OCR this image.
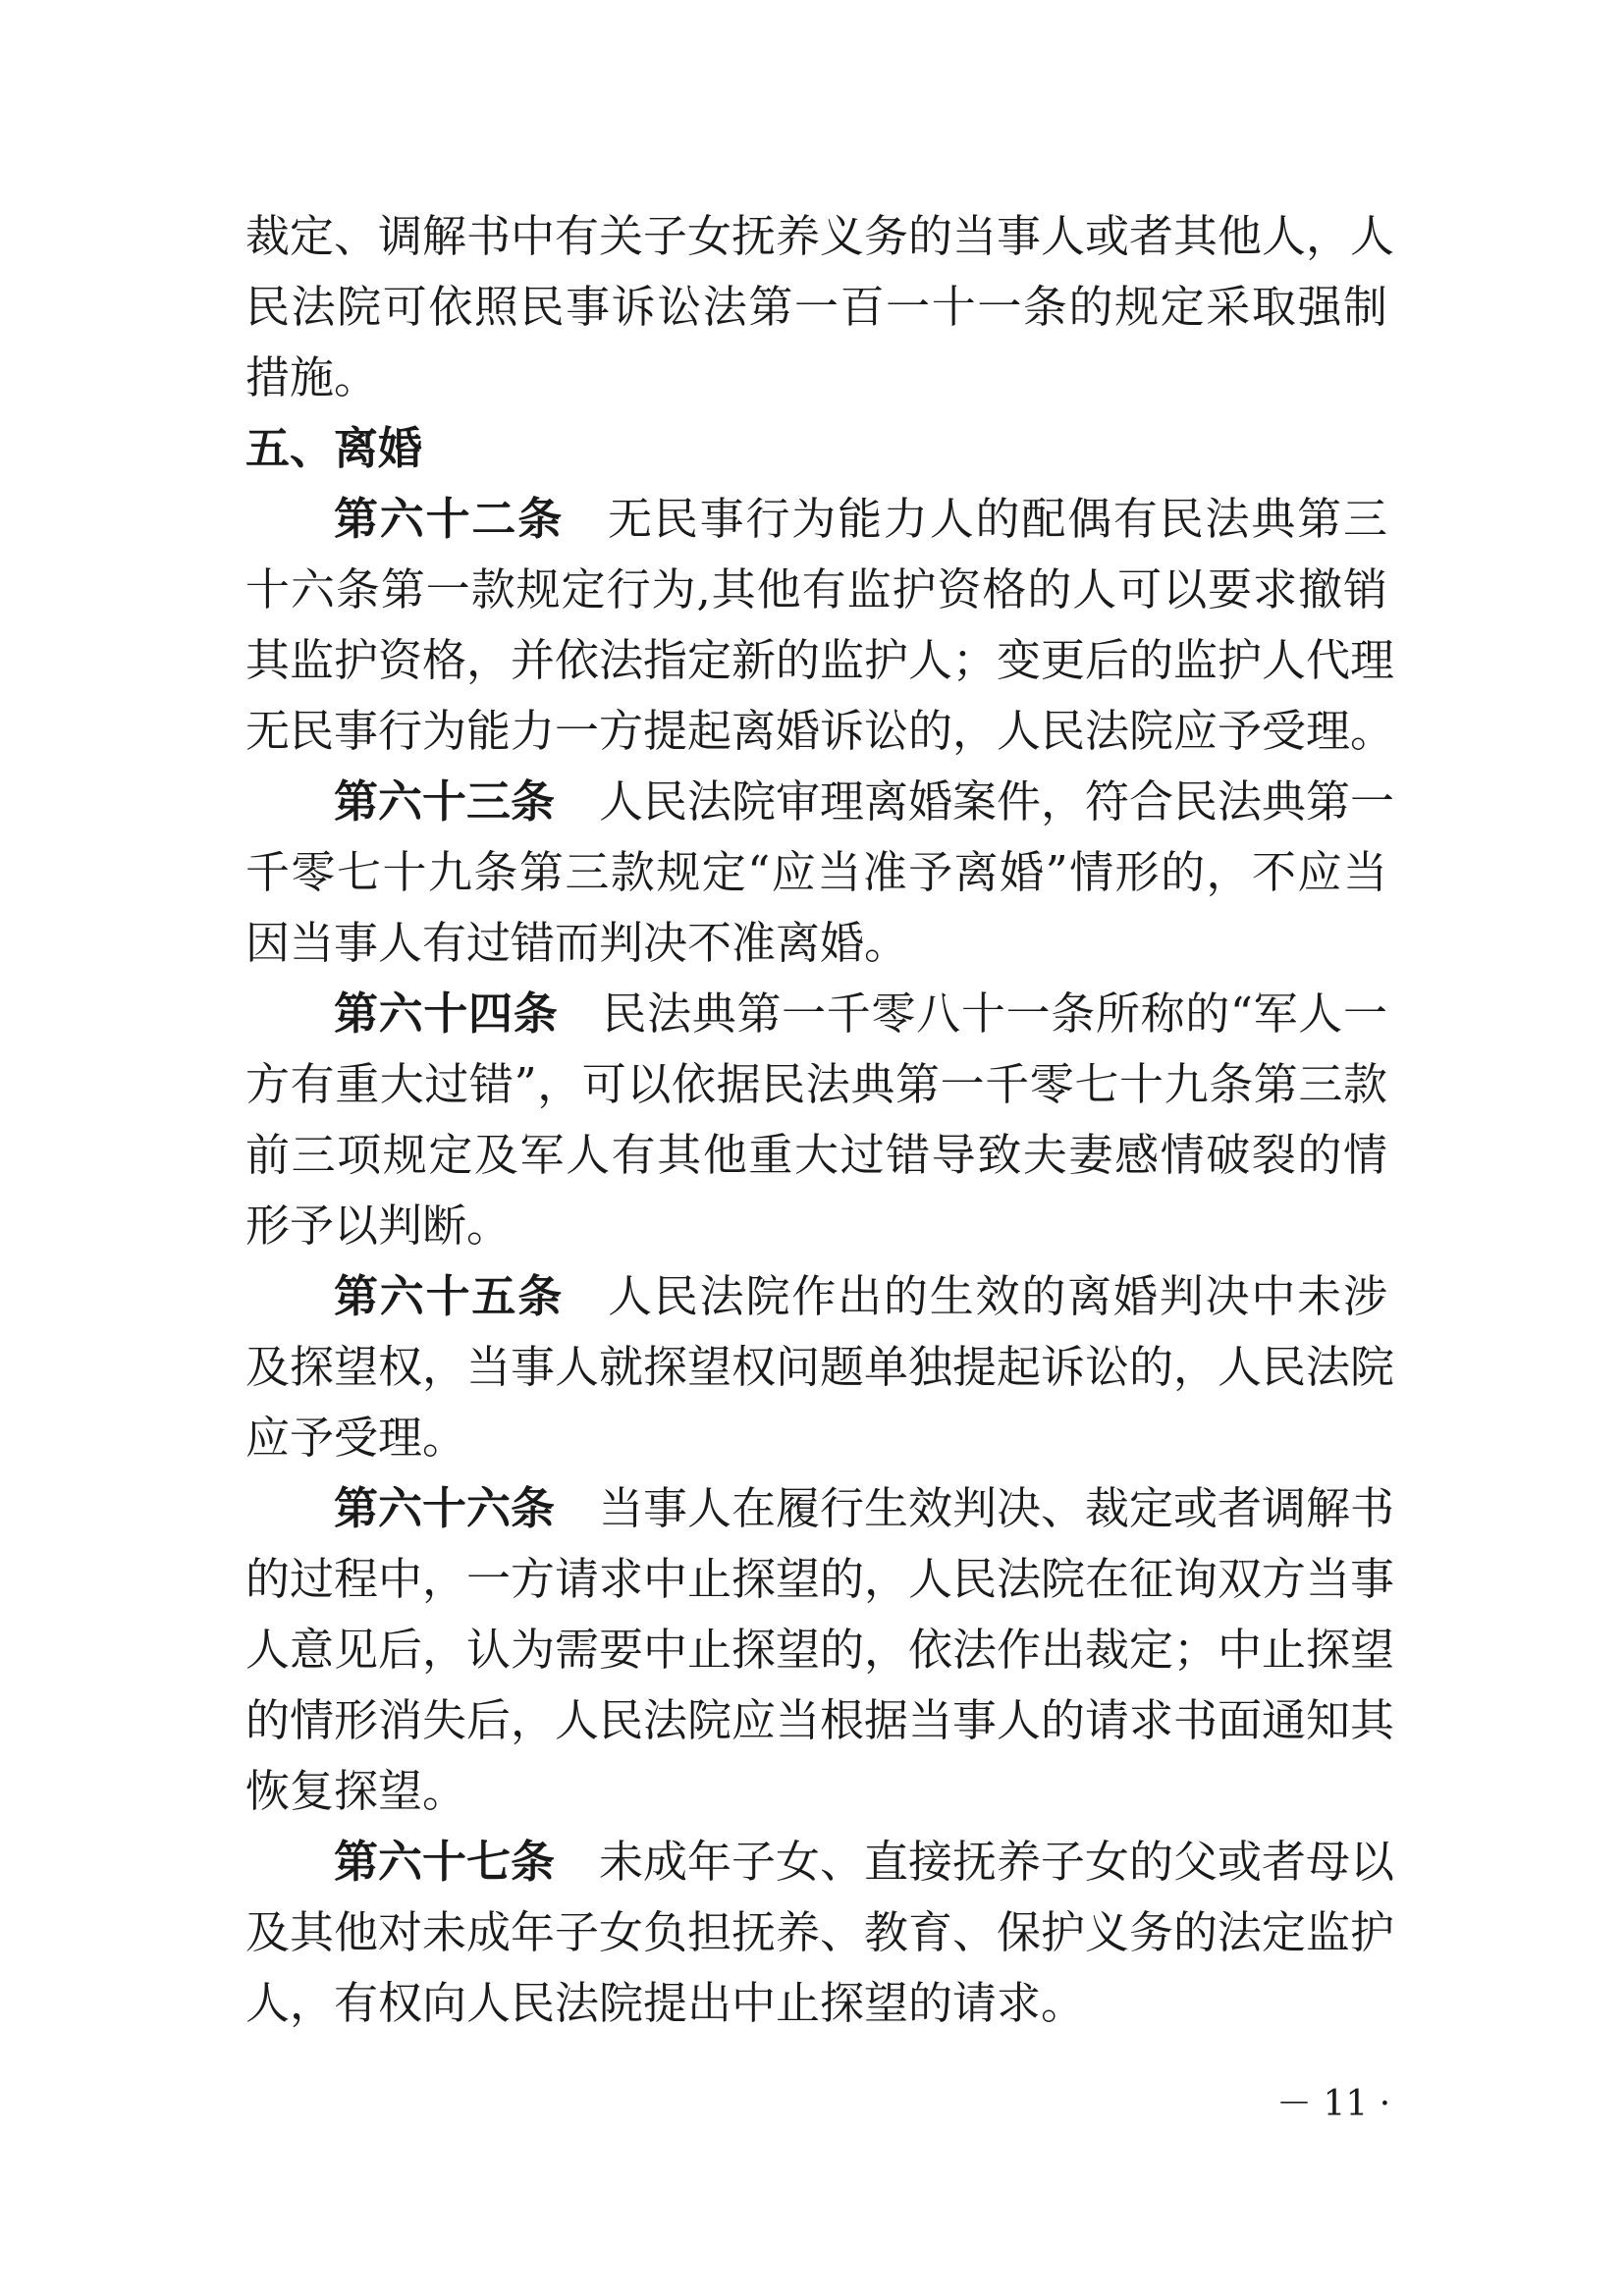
裁定、调解书中有关子女抚养义务的当事人或者其他人，人
民法院可依照民事诉讼法第一百一十一条的规定采取强制
措施。
五、离婚
第六十二条 无民事行为能力人的配偶有民法典第三
十六条第一款规定行为,其他有监护资格的人可以要求撤销
其监护资格，并依法指定新的监护人；变更后的监护人代理
无民事行为能力一方提起离婚诉讼的，人民法院应予受理。
第六十三条 人民法院审理离婚案件，符合民法典第一
千零七十九条第三款规定“应当准予离婚”情形的，不应当
因当事人有过错而判决不准离婚。
第六十四条 民法典第一千零八十一条所称的“军人一
方有重大过错”，可以依据民法典第一千零七十九条第三款
前三项规定及军人有其他重大过错导致夫妻感情破裂的情
形予以判断。
第六十五条 人民法院作出的生效的离婚判决中未涉
及探望权，当事人就探望权问题单独提起诉讼的，人民法院
应予受理。
第六十六条 当事人在履行生效判决、裁定或者调解书
的过程中，一方请求中止探望的，人民法院在征询双方当事
人意见后，认为需要中止探望的，依法作出裁定；中止探望
的情形消失后，人民法院应当根据当事人的请求书面通知其
恢复探望。
第六十七条 未成年子女、直接抚养子女的父或者母以
及其他对未成年子女负担抚养、教育、保护义务的法定监护
人，有权向人民法院提出中止探望的请求。
－ 11 ·
